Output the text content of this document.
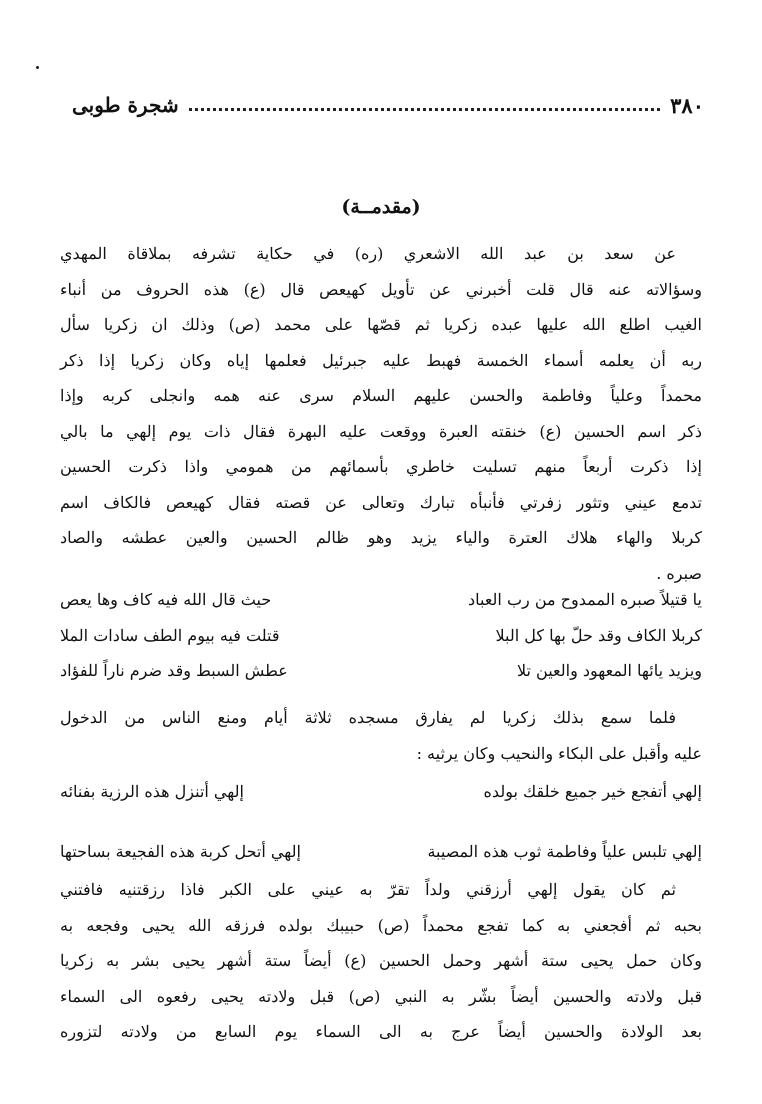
٣٨٠
شجرة طوبى
(مقدمــة)
عن سعد بن عبد الله الاشعري (ره) في حكاية تشرفه بملاقاة المهدي
وسؤالاته عنه قال قلت أخبرني عن تأويل كهيعص قال (ع) هذه الحروف من أنباء
الغيب اطلع الله عليها عبده زكريا ثم قصّها على محمد (ص) وذلك ان زكريا سأل
ربه أن يعلمه أسماء الخمسة فهبط عليه جبرئيل فعلمها إياه وكان زكريا إذا ذكر
محمداً وعلياً وفاطمة والحسن عليهم السلام سرى عنه همه وانجلى كربه وإذا
ذكر اسم الحسين (ع) خنقته العبرة ووقعت عليه البهرة فقال ذات يوم إلهي ما بالي
إذا ذكرت أربعاً منهم تسليت خاطري بأسمائهم من همومي واذا ذكرت الحسين
تدمع عيني وتثور زفرتي فأنبأه تبارك وتعالى عن قصته فقال كهيعص فالكاف اسم
كربلا والهاء هلاك العترة والياء يزيد وهو ظالم الحسين والعين عطشه والصاد
صبره .
يا قتيلاً صبره الممدوح من رب العباد
حيث قال الله فيه كاف وها يعص
كربلا الكاف وقد حلّ بها كل البلا
قتلت فيه بيوم الطف سادات الملا
ويزيد يائها المعهود والعين تلا
عطش السبط وقد ضرم ناراً للفؤاد
فلما سمع بذلك زكريا لم يفارق مسجده ثلاثة أيام ومنع الناس من الدخول
عليه وأقبل على البكاء والنحيب وكان يرثيه :
إلهي أتفجع خير جميع خلقك بولده
إلهي أتنزل هذه الرزية بفنائه
إلهي تلبس علياً وفاطمة ثوب هذه المصيبة
إلهي أتحل كربة هذه الفجيعة بساحتها
ثم كان يقول إلهي أرزقني ولداً تقرّ به عيني على الكبر فاذا رزقتنيه فافتني
بحبه ثم أفجعني به كما تفجع محمداً (ص) حبيبك بولده فرزقه الله يحيى وفجعه به
وكان حمل يحيى ستة أشهر وحمل الحسين (ع) أيضاً ستة أشهر يحيى بشر به زكريا
قبل ولادته والحسين أيضاً بشّر به النبي (ص) قبل ولادته يحيى رفعوه الى السماء
بعد الولادة والحسين أيضاً عرج به الى السماء يوم السابع من ولادته لتزوره
